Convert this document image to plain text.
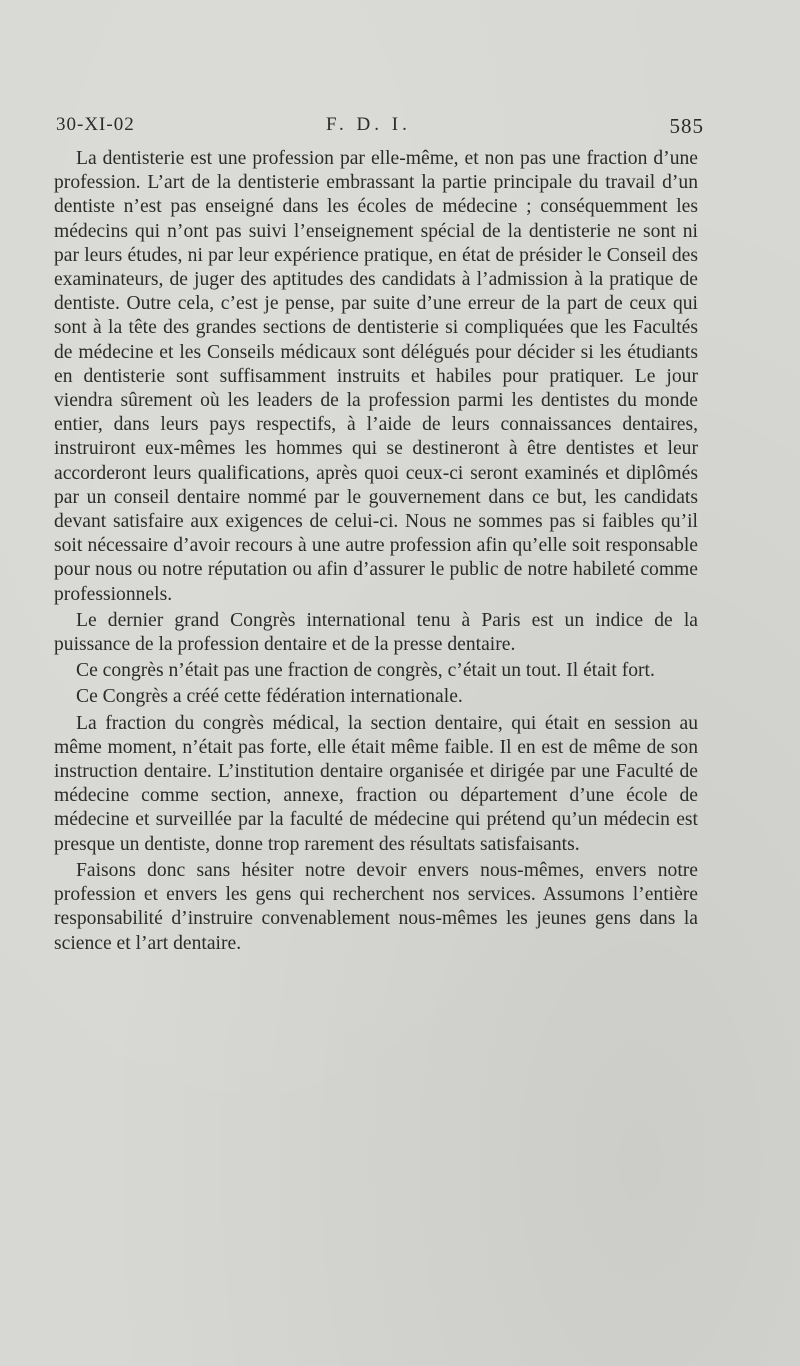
30-XI-02	F. D. I.	585

La dentisterie est une profession par elle-même, et non pas une fraction d’une profession. L’art de la dentisterie embrassant la partie principale du travail d’un dentiste n’est pas enseigné dans les écoles de médecine ; conséquemment les médecins qui n’ont pas suivi l’enseignement spécial de la dentisterie ne sont ni par leurs études, ni par leur expérience pratique, en état de présider le Conseil des examinateurs, de juger des aptitudes des candidats à l’admission à la pratique de dentiste. Outre cela, c’est je pense, par suite d’une erreur de la part de ceux qui sont à la tête des grandes sections de dentisterie si compliquées que les Facultés de médecine et les Conseils médicaux sont délégués pour décider si les étudiants en dentisterie sont suffisamment instruits et habiles pour pratiquer. Le jour viendra sûrement où les leaders de la profession parmi les dentistes du monde entier, dans leurs pays respectifs, à l’aide de leurs connaissances dentaires, instruiront eux-mêmes les hommes qui se destineront à être dentistes et leur accorderont leurs qualifications, après quoi ceux-ci seront examinés et diplômés par un conseil dentaire nommé par le gouvernement dans ce but, les candidats devant satisfaire aux exigences de celui-ci. Nous ne sommes pas si faibles qu’il soit nécessaire d’avoir recours à une autre profession afin qu’elle soit responsable pour nous ou notre réputation ou afin d’assurer le public de notre habileté comme professionnels.

Le dernier grand Congrès international tenu à Paris est un indice de la puissance de la profession dentaire et de la presse dentaire.

Ce congrès n’était pas une fraction de congrès, c’était un tout. Il était fort.

Ce Congrès a créé cette fédération internationale.

La fraction du congrès médical, la section dentaire, qui était en session au même moment, n’était pas forte, elle était même faible. Il en est de même de son instruction dentaire. L’institution dentaire organisée et dirigée par une Faculté de médecine comme section, annexe, fraction ou département d’une école de médecine et surveillée par la faculté de médecine qui prétend qu’un médecin est presque un dentiste, donne trop rarement des résultats satisfaisants.

Faisons donc sans hésiter notre devoir envers nous-mêmes, envers notre profession et envers les gens qui recherchent nos services. Assumons l’entière responsabilité d’instruire convenablement nous-mêmes les jeunes gens dans la science et l’art dentaire.
